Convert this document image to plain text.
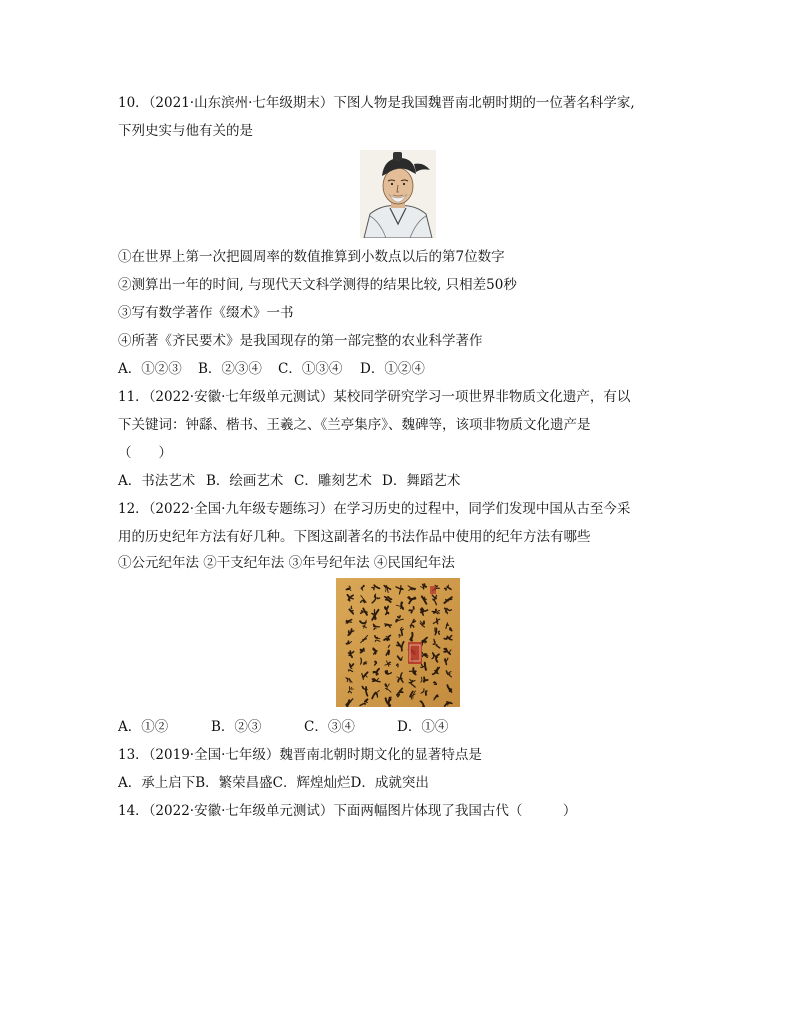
10．（2021·山东滨州·七年级期末）下图人物是我国魏晋南北朝时期的一位著名科学家,
下列史实与他有关的是
①在世界上第一次把圆周率的数值推算到小数点以后的第7位数字
②测算出一年的时间, 与现代天文科学测得的结果比较, 只相差50秒
③写有数学著作《缀术》一书
④所著《齐民要术》是我国现存的第一部完整的农业科学著作
A．①②③ B．②③④ C．①③④ D．①②④
11．（2022·安徽·七年级单元测试）某校同学研究学习一项世界非物质文化遗产，有以
下关键词：钟繇、楷书、王羲之、《兰亭集序》、魏碑等，该项非物质文化遗产是
（　　）
A．书法艺术 B．绘画艺术 C．雕刻艺术 D．舞蹈艺术
12．（2022·全国·九年级专题练习）在学习历史的过程中，同学们发现中国从古至今采
用的历史纪年方法有好几种。下图这副著名的书法作品中使用的纪年方法有哪些
①公元纪年法 ②干支纪年法 ③年号纪年法 ④民国纪年法
A．①②	B．②③	C．③④	D．①④
13．（2019·全国·七年级）魏晋南北朝时期文化的显著特点是
A．承上启下B．繁荣昌盛C．辉煌灿烂D．成就突出
14．（2022·安徽·七年级单元测试）下面两幅图片体现了我国古代（　　　）
